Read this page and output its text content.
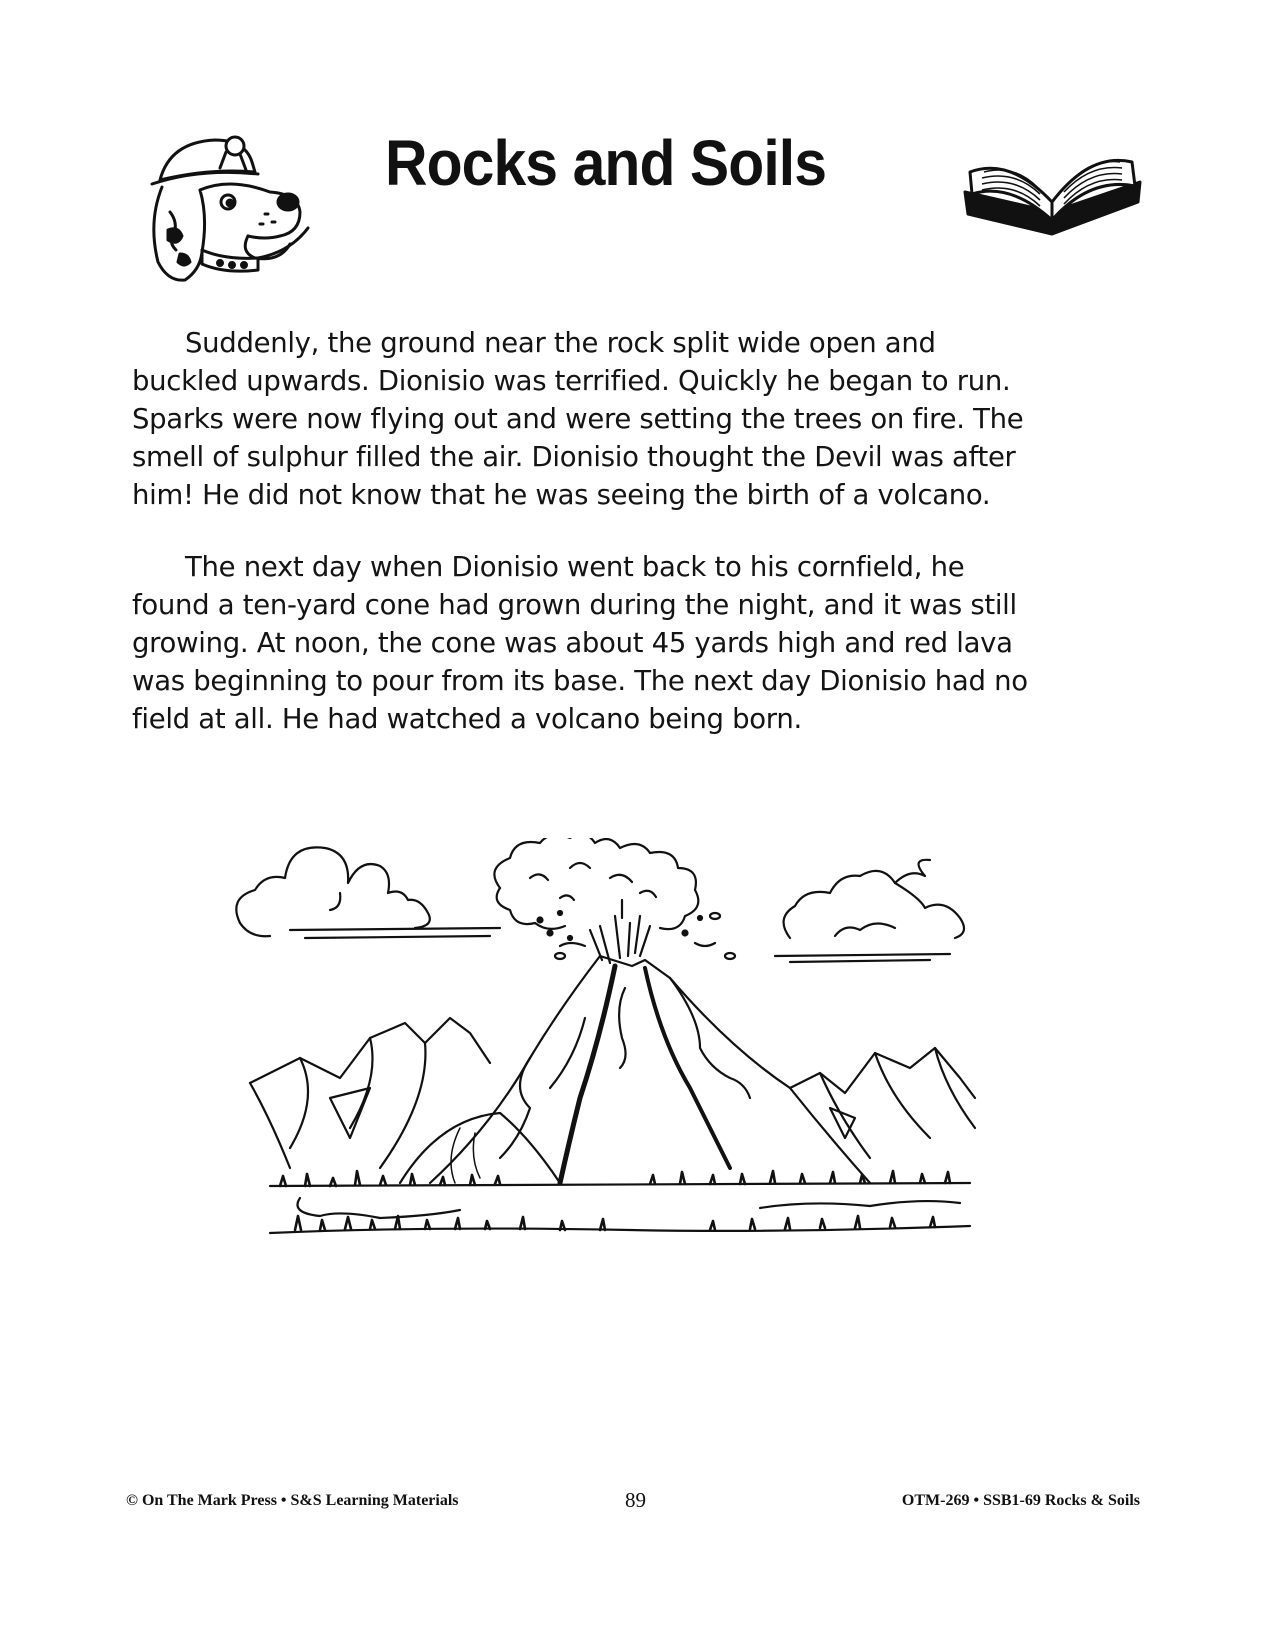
Rocks and Soils
Suddenly, the ground near the rock split wide open and
buckled upwards. Dionisio was terrified. Quickly he began to run.
Sparks were now flying out and were setting the trees on fire. The
smell of sulphur filled the air. Dionisio thought the Devil was after
him! He did not know that he was seeing the birth of a volcano.
The next day when Dionisio went back to his cornfield, he
found a ten-yard cone had grown during the night, and it was still
growing. At noon, the cone was about 45 yards high and red lava
was beginning to pour from its base. The next day Dionisio had no
field at all. He had watched a volcano being born.
© On The Mark Press • S&S Learning Materials	89	OTM-269 • SSB1-69 Rocks & Soils
